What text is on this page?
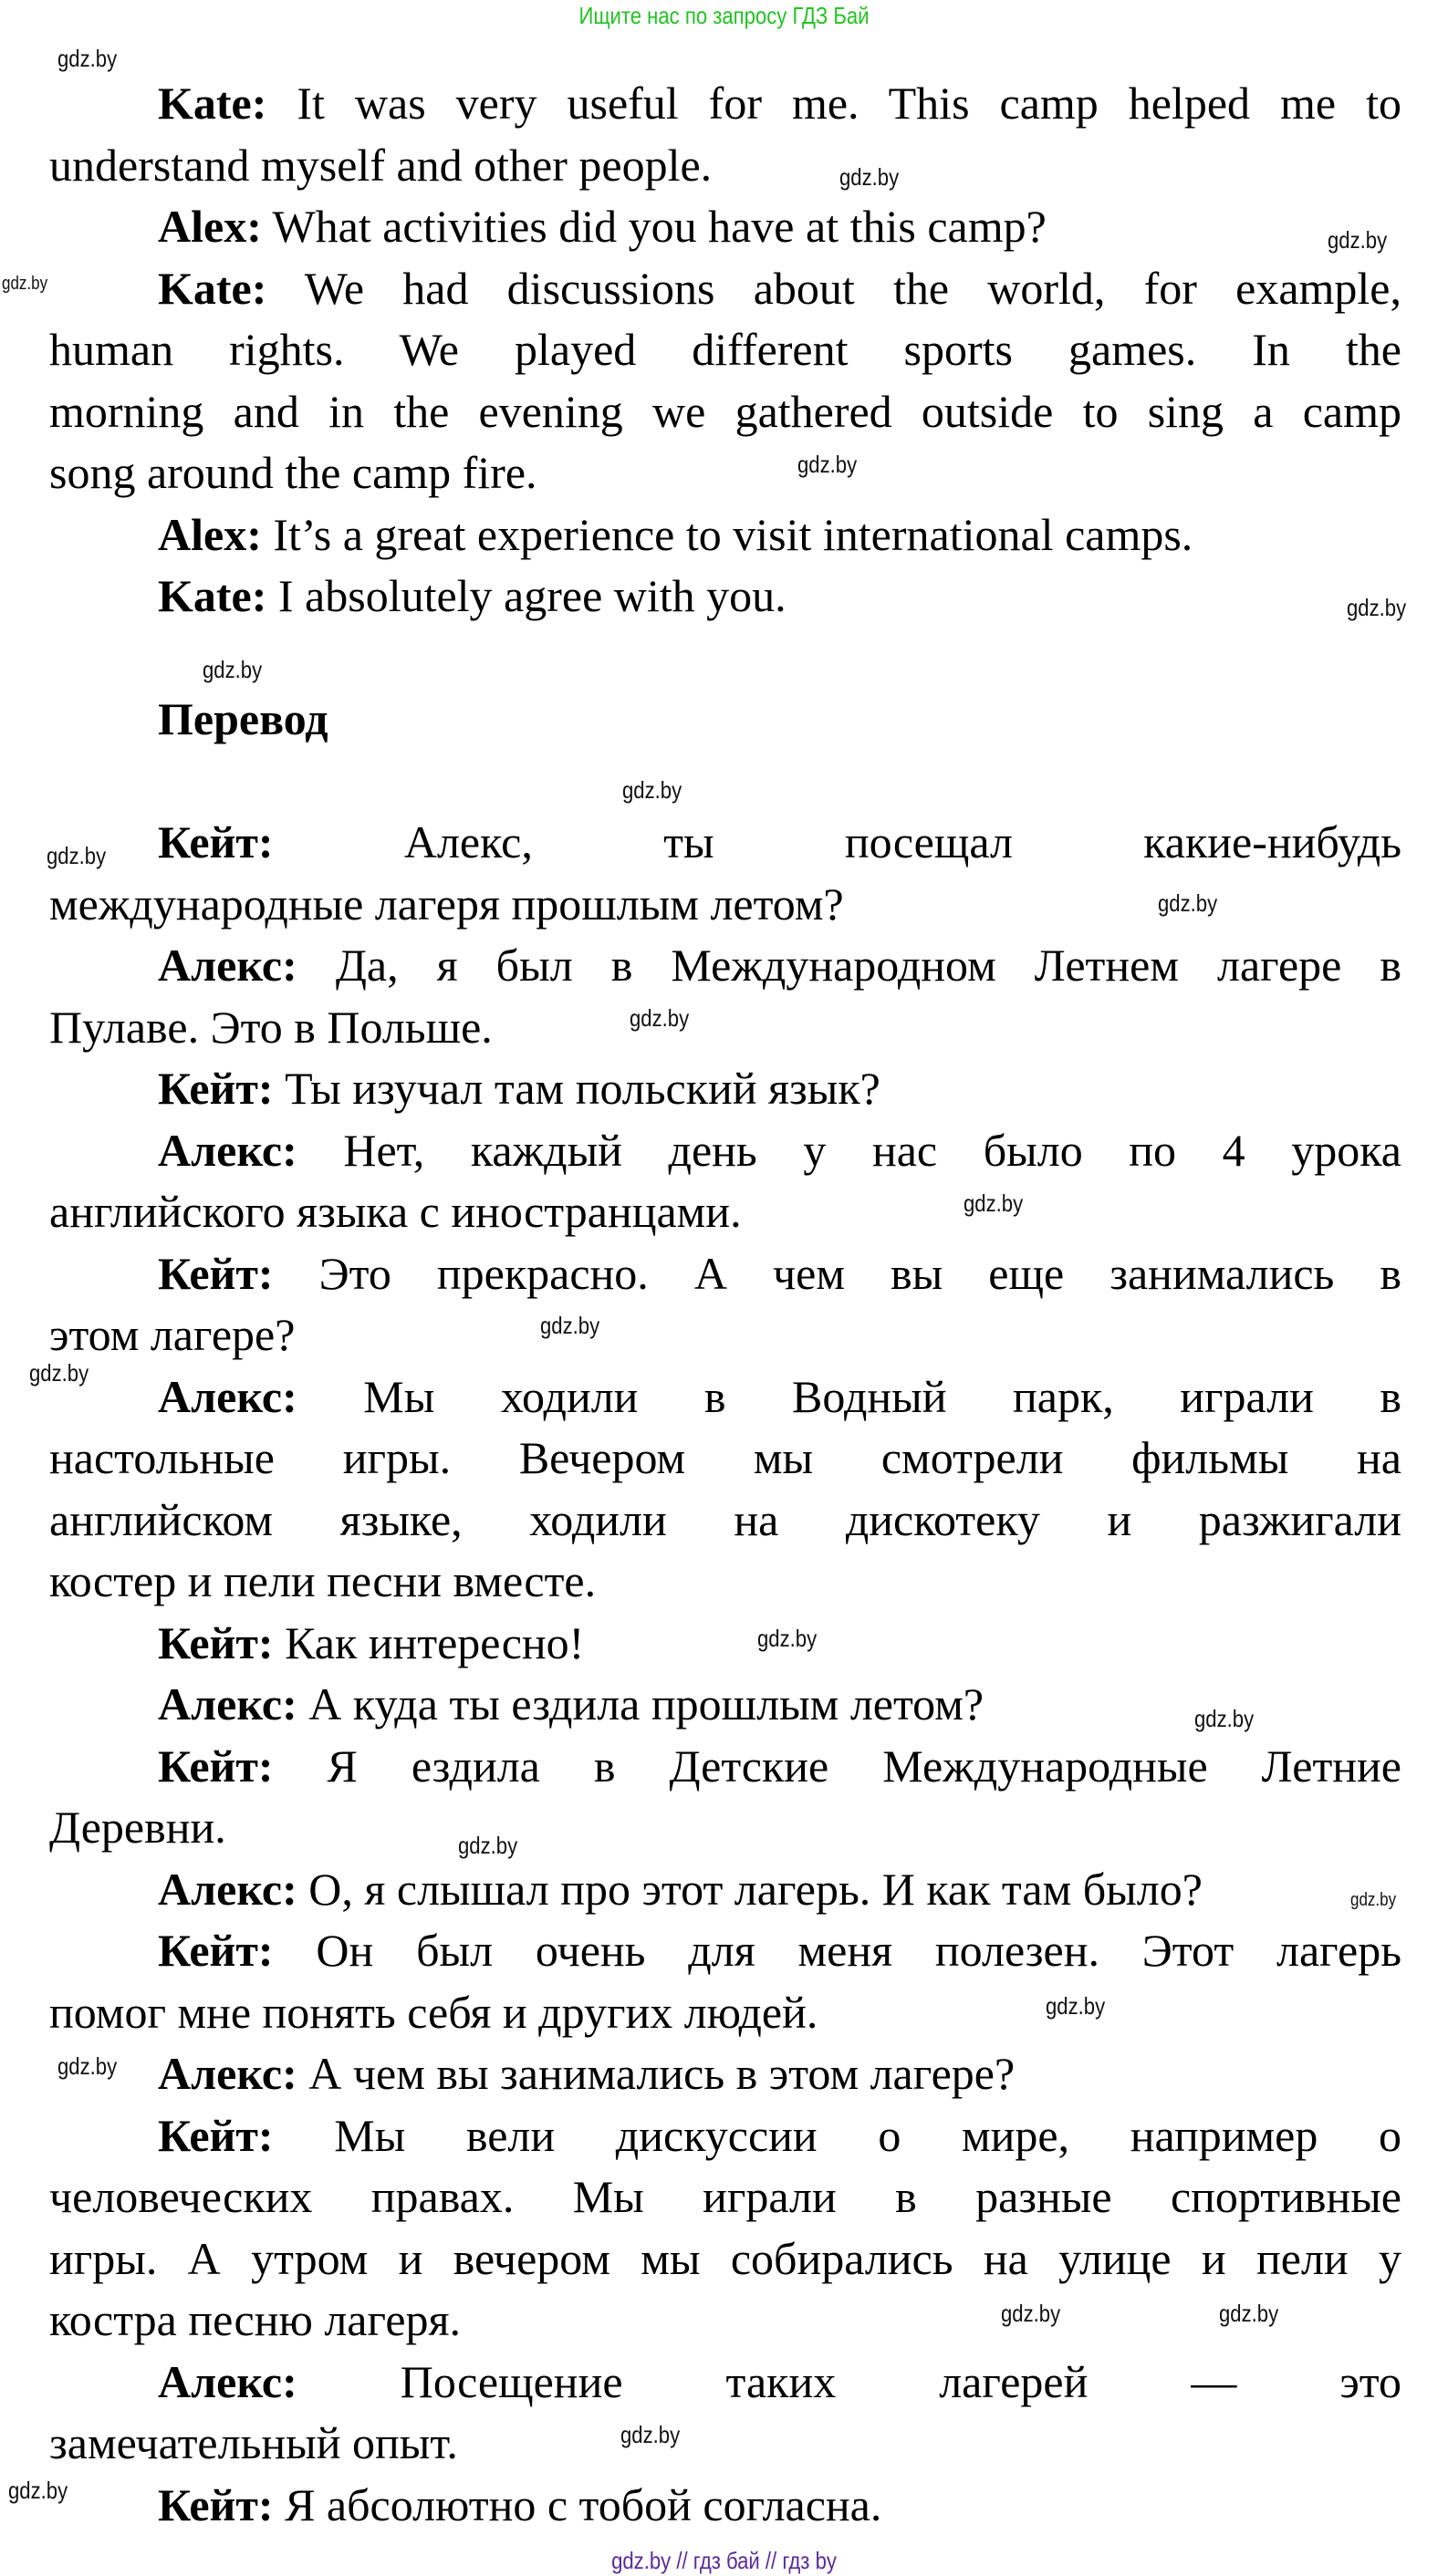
Ищите нас по запросу ГДЗ Бай
Kate: It was very useful for me. This camp helped me to
understand myself and other people.
Alex: What activities did you have at this camp?
Kate: We had discussions about the world, for example,
human rights. We played different sports games. In the
morning and in the evening we gathered outside to sing a camp
song around the camp fire.
Alex: It’s a great experience to visit international camps.
Kate: I absolutely agree with you.
Перевод
Кейт:	Алекс, ты посещал какие-нибудь
международные лагеря прошлым летом?
Алекс: Да, я был в Международном Летнем лагере в
Пулаве. Это в Польше.
Кейт: Ты изучал там польский язык?
Алекс: Нет, каждый день у нас было по 4 урока
английского языка с иностранцами.
Кейт: Это прекрасно. А чем вы еще занимались в
этом лагере?
Алекс: Мы ходили в Водный парк, играли в
настольные игры. Вечером мы смотрели фильмы на
английском языке, ходили на дискотеку и разжигали
костер и пели песни вместе.
Кейт: Как интересно!
Алекс: А куда ты ездила прошлым летом?
Кейт: Я ездила в Детские Международные Летние
Деревни.
Алекс: О, я слышал про этот лагерь. И как там было?
Кейт: Он был очень для меня полезен. Этот лагерь
помог мне понять себя и других людей.
Алекс: А чем вы занимались в этом лагере?
Кейт: Мы вели дискуссии о мире, например о
человеческих правах. Мы играли в разные спортивные
игры. А утром и вечером мы собирались на улице и пели у
костра песню лагеря.
Алекс: Посещение таких лагерей — это
замечательный опыт.
Кейт: Я абсолютно с тобой согласна.
gdz.by
gdz.by
gdz.by
gdz.by
gdz.by
gdz.by
gdz.by
gdz.by
gdz.by
gdz.by
gdz.by
gdz.by
gdz.by
gdz.by
gdz.by
gdz.by
gdz.by
gdz.by
gdz.by
gdz.by
gdz.by	gdz.by
gdz.by
gdz.by
gdz.by // гдз бай // гдз by
